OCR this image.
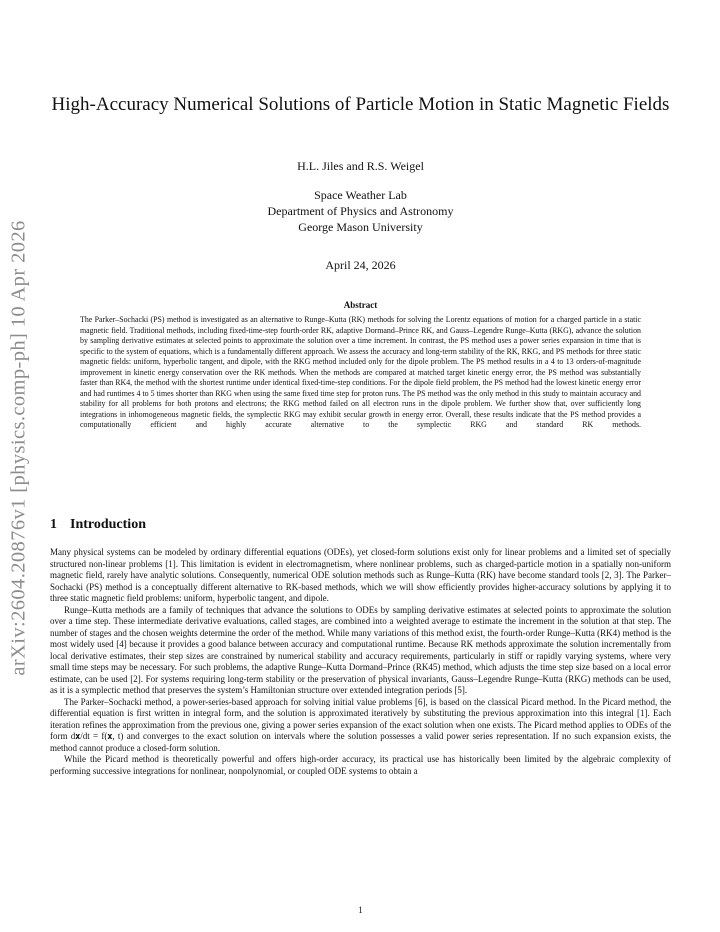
arXiv:2604.20876v1 [physics.comp-ph] 10 Apr 2026
High-Accuracy Numerical Solutions of Particle Motion in Static Magnetic Fields
H.L. Jiles and R.S. Weigel
Space Weather Lab
Department of Physics and Astronomy
George Mason University
April 24, 2026
Abstract

The Parker–Sochacki (PS) method is investigated as an alternative to Runge–Kutta (RK) methods for solving the Lorentz equations of motion for a charged particle in a static magnetic field. Traditional methods, including fixed-time-step fourth-order RK, adaptive Dormand–Prince RK, and Gauss–Legendre Runge–Kutta (RKG), advance the solution by sampling derivative estimates at selected points to approximate the solution over a time increment. In contrast, the PS method uses a power series expansion in time that is specific to the system of equations, which is a fundamentally different approach. We assess the accuracy and long-term stability of the RK, RKG, and PS methods for three static magnetic fields: uniform, hyperbolic tangent, and dipole, with the RKG method included only for the dipole problem. The PS method results in a 4 to 13 orders-of-magnitude improvement in kinetic energy conservation over the RK methods. When the methods are compared at matched target kinetic energy error, the PS method was substantially faster than RK4, the method with the shortest runtime under identical fixed-time-step conditions. For the dipole field problem, the PS method had the lowest kinetic energy error and had runtimes 4 to 5 times shorter than RKG when using the same fixed time step for proton runs. The PS method was the only method in this study to maintain accuracy and stability for all problems for both protons and electrons; the RKG method failed on all electron runs in the dipole problem. We further show that, over sufficiently long integrations in inhomogeneous magnetic fields, the symplectic RKG may exhibit secular growth in energy error. Overall, these results indicate that the PS method provides a computationally efficient and highly accurate alternative to the symplectic RKG and standard RK methods.

1 Introduction

Many physical systems can be modeled by ordinary differential equations (ODEs), yet closed-form solutions exist only for linear problems and a limited set of specially structured non-linear problems [1]. This limitation is evident in electromagnetism, where nonlinear problems, such as charged-particle motion in a spatially non-uniform magnetic field, rarely have analytic solutions. Consequently, numerical ODE solution methods such as Runge–Kutta (RK) have become standard tools [2, 3]. The Parker–Sochacki (PS) method is a conceptually different alternative to RK-based methods, which we will show efficiently provides higher-accuracy solutions by applying it to three static magnetic field problems: uniform, hyperbolic tangent, and dipole.

Runge–Kutta methods are a family of techniques that advance the solutions to ODEs by sampling derivative estimates at selected points to approximate the solution over a time step. These intermediate derivative evaluations, called stages, are combined into a weighted average to estimate the increment in the solution at that step. The number of stages and the chosen weights determine the order of the method. While many variations of this method exist, the fourth-order Runge–Kutta (RK4) method is the most widely used [4] because it provides a good balance between accuracy and computational runtime. Because RK methods approximate the solution incrementally from local derivative estimates, their step sizes are constrained by numerical stability and accuracy requirements, particularly in stiff or rapidly varying systems, where very small time steps may be necessary. For such problems, the adaptive Runge–Kutta Dormand–Prince (RK45) method, which adjusts the time step size based on a local error estimate, can be used [2]. For systems requiring long-term stability or the preservation of physical invariants, Gauss–Legendre Runge–Kutta (RKG) methods can be used, as it is a symplectic method that preserves the system’s Hamiltonian structure over extended integration periods [5].

The Parker–Sochacki method, a power-series-based approach for solving initial value problems [6], is based on the classical Picard method. In the Picard method, the differential equation is first written in integral form, and the solution is approximated iteratively by substituting the previous approximation into this integral [1]. Each iteration refines the approximation from the previous one, giving a power series expansion of the exact solution when one exists. The Picard method applies to ODEs of the form d𝐱/dt = f(𝐱, t) and converges to the exact solution on intervals where the solution possesses a valid power series representation. If no such expansion exists, the method cannot produce a closed-form solution.

While the Picard method is theoretically powerful and offers high-order accuracy, its practical use has historically been limited by the algebraic complexity of performing successive integrations for nonlinear, nonpolynomial, or coupled ODE systems to obtain a

1
